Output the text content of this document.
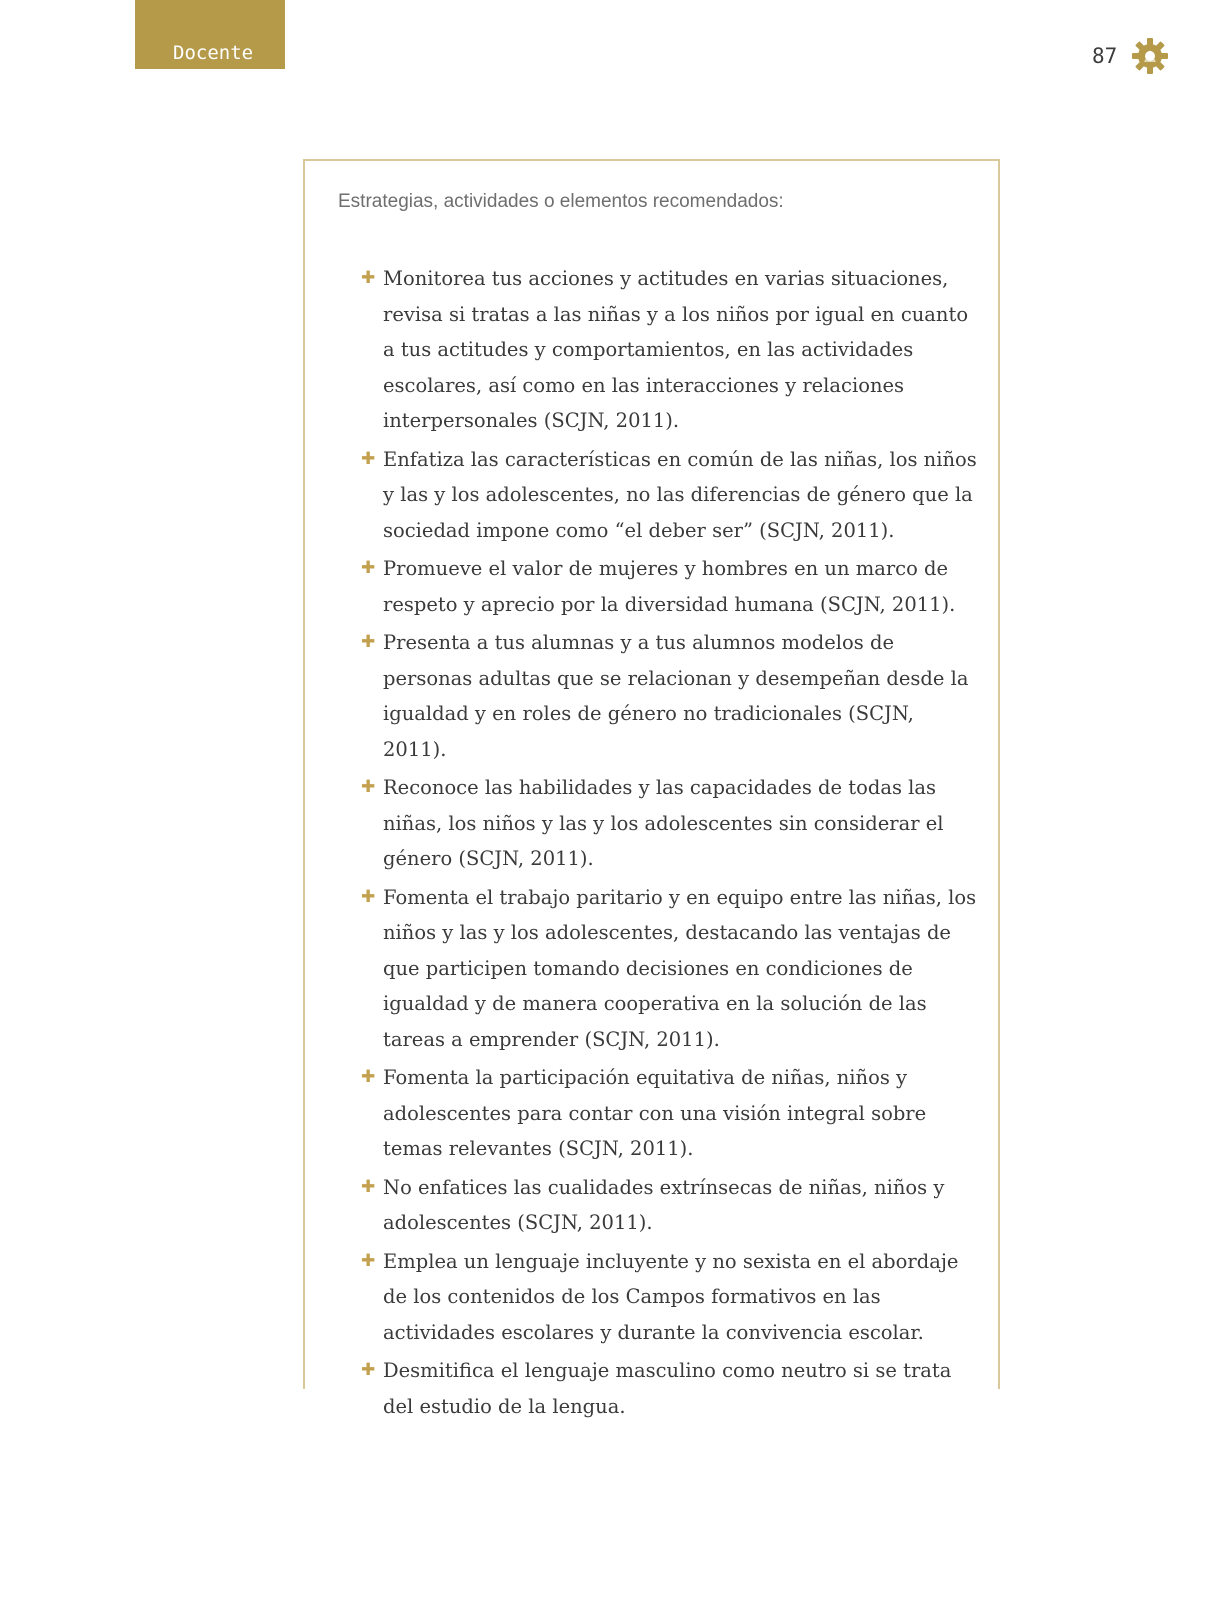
Docente	87
Estrategias, actividades o elementos recomendados:
✚ Monitorea tus acciones y actitudes en varias situaciones, revisa si tratas a las niñas y a los niños por igual en cuanto a tus actitudes y comportamientos, en las actividades escolares, así como en las interacciones y relaciones interpersonales (SCJN, 2011).
✚ Enfatiza las características en común de las niñas, los niños y las y los adolescentes, no las diferencias de género que la sociedad impone como “el deber ser” (SCJN, 2011).
✚ Promueve el valor de mujeres y hombres en un marco de respeto y aprecio por la diversidad humana (SCJN, 2011).
✚ Presenta a tus alumnas y a tus alumnos modelos de personas adultas que se relacionan y desempeñan desde la igualdad y en roles de género no tradicionales (SCJN, 2011).
✚ Reconoce las habilidades y las capacidades de todas las niñas, los niños y las y los adolescentes sin considerar el género (SCJN, 2011).
✚ Fomenta el trabajo paritario y en equipo entre las niñas, los niños y las y los adolescentes, destacando las ventajas de que participen tomando decisiones en condiciones de igualdad y de manera cooperativa en la solución de las tareas a emprender (SCJN, 2011).
✚ Fomenta la participación equitativa de niñas, niños y adolescentes para contar con una visión integral sobre temas relevantes (SCJN, 2011).
✚ No enfatices las cualidades extrínsecas de niñas, niños y adolescentes (SCJN, 2011).
✚ Emplea un lenguaje incluyente y no sexista en el abordaje de los contenidos de los Campos formativos en las actividades escolares y durante la convivencia escolar.
✚ Desmitifica el lenguaje masculino como neutro si se trata del estudio de la lengua.
